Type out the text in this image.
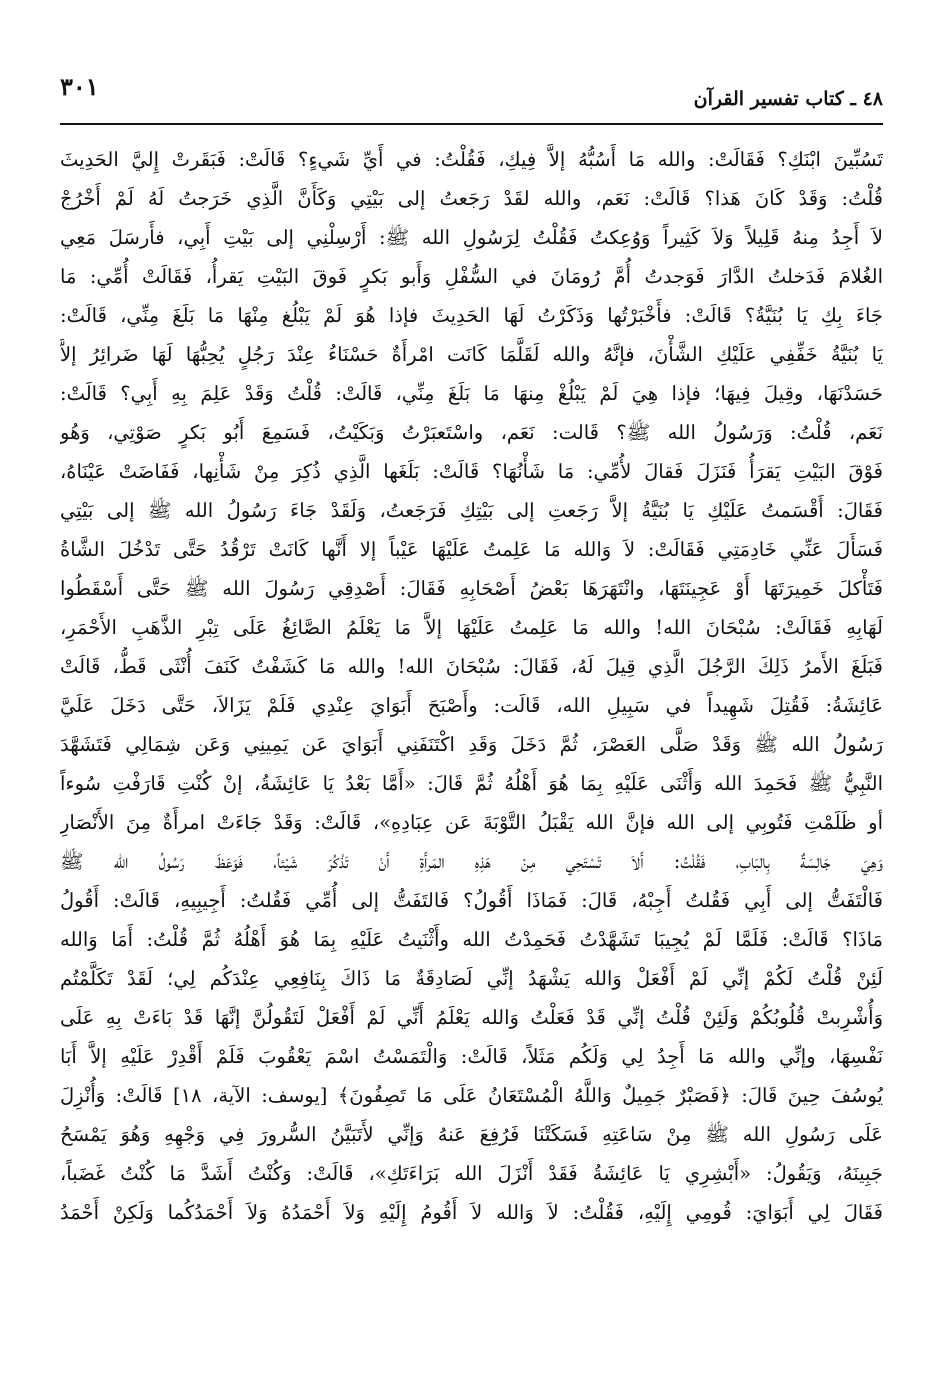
٣٠١	٤٨ ـ كتاب تفسير القرآن
تَسُبِّينَ ابْنَكِ؟ فَقَالَتْ: والله مَا أَسُبُّهُ إلاَّ فِيكِ، فَقُلْتُ: في أَيِّ شَيءٍ؟ قَالَتْ: فَبَقَرتْ إِليَّ الحَدِيثَ
قُلْتُ: وَقَدْ كَانَ هَذا؟ قَالَتْ: نَعَم، والله لقَدْ رَجَعتُ إلى بَيْتِي وَكَأَنَّ الَّذِي خَرَجتُ لَهُ لَمْ أَخْرُجْ
لاَ أَجِدُ مِنهُ قَلِيلاً وَلاَ كَثِيراً وَوُعِكتُ فَقُلْتُ لِرَسُولِ الله ﷺ: أَرْسِلْنِي إلى بَيْتِ أَبِي، فأَرسَلَ مَعِي
الغُلامَ فَدَخلتُ الدَّارَ فَوَجدتُ أُمَّ رُومَانَ في السُّفْلِ وَأَبو بَكرٍ فَوقَ البَيْتِ يَقرأُ، فَقَالَتْ أُمِّي: مَا
جَاءَ بِكِ يَا بُنَيَّةُ؟ قَالَتْ: فأَخْبَرْتُها وَذَكَرْتُ لَهَا الحَدِيثَ فإذا هُوَ لَمْ يَبْلُغ مِنْهَا مَا بَلَغَ مِنِّي، قَالَتْ:
يَا بُنَيَّةُ خَفِّفِي عَلَيْكِ الشَّأْنَ، فإنَّهُ والله لَقَلَّمَا كَانَت امْرأَةٌ حَسْنَاءُ عِنْدَ رَجُلٍ يُحِبُّهَا لَهَا ضَرائِرُ إلاَّ
حَسَدْنَهَا، وقِيلَ فِيهَا؛ فإذا هِيَ لَمْ يَبْلُغْ مِنهَا مَا بَلَغَ مِنِّي، قَالَتْ: قُلْتُ وَقَدْ عَلِمَ بِهِ أَبِي؟ قَالَتْ:
نَعَم، قُلْتُ: وَرَسُولُ الله ﷺ؟ قَالت: نَعَم، واسْتَعبَرْتُ وَبَكَيْتُ، فَسَمِعَ أَبُو بَكرٍ صَوْتِي، وَهُو
فَوْقَ البَيْتِ يَقرَأُ فَنَزَلَ فَقالَ لأُمِّي: مَا شَأْنُهَا؟ قَالَتْ: بَلَغَها الَّذِي ذُكِرَ مِنْ شَأْنِها، فَفَاضَتْ عَيْنَاهُ،
فَقَالَ: أَقْسَمتُ عَلَيْكِ يَا بُنَيَّةُ إلاَّ رَجَعتِ إلى بَيْتِكِ فَرَجَعتُ، وَلَقَدْ جَاءَ رَسُولُ الله ﷺ إلى بَيْتِي
فَسَأَلَ عَنِّي خَادِمَتِي فَقَالَتْ: لاَ وَالله مَا عَلِمتُ عَلَيْهَا عَيْباً إلا أَنَّها كَانَتْ تَرْقُدُ حَتَّى تَدْخُلَ الشَّاةُ
فَتَأْكلَ خَمِيرَتَهَا أَوْ عَجِينَتَهَا، وانْتَهَرَهَا بَعْضُ أَصْحَابِهِ فَقَالَ: أَصْدِقِي رَسُولَ الله ﷺ حَتَّى أَسْقَطُوا
لَهَابِهِ فَقَالَتْ: سُبْحَانَ الله! والله مَا عَلِمتُ عَلَيْهَا إلاَّ مَا يَعْلَمُ الصَّائِغُ عَلَى تِبْرِ الذَّهَبِ الأَحْمَرِ،
فَبَلَغَ الأَمرُ ذَلِكَ الرَّجُلَ الَّذِي قِيلَ لَهُ، فَقَالَ: سُبْحَانَ الله! والله مَا كَشَفْتُ كَنَفَ أُنْثَى قَطُّ، قَالَتْ
عَائِشَةُ: فَقُتِلَ شَهِيداً في سَبِيلِ الله، قَالَت: وأَصْبَحَ أَبَوَايَ عِنْدِي فَلَمْ يَزَالاَ، حَتَّى دَخَلَ عَلَيَّ
رَسُولُ الله ﷺ وَقَدْ صَلَّى العَصْرَ، ثُمَّ دَخَلَ وَقَدِ اكْتَنَفَنِي أَبَوَايَ عَن يَمِينِي وَعَن شِمَالِي فَتَشَهَّدَ
النَّبِيُّ ﷺ فَحَمِدَ الله وَأَثْنَى عَلَيْهِ بِمَا هُوَ أَهْلُهُ ثُمَّ قَالَ: «أَمَّا بَعْدُ يَا عَائِشَةُ، إنْ كُنْتِ قَارَفْتِ سُوءاً
أو ظَلَمْتِ فَتُوبِي إلى الله فإنَّ الله يَقْبَلُ التَّوْبَةَ عَن عِبَادِهِ»، قَالَتْ: وَقَدْ جَاءَتْ امرأَةٌ مِنَ الأَنْصَارِ
وَهِيَ جَالِسَةٌ بِالبَابِ، فَقُلْتُ: أَلاَ تَسْتَحِي مِنْ هَذِهِ المَرأَةِ أَنْ تَذْكُرَ شَيْئاً، فَوَعَظَ رَسُولُ الله ﷺ
فَالْتَفَتُّ إلى أَبِي فَقُلتُ أَجِبْهُ، قَالَ: فَمَاذَا أَقُولُ؟ فَالتَفَتُّ إلى أُمِّي فَقُلتُ: أَجِيبِيهِ، قَالَتْ: أَقُولُ
مَاذَا؟ قَالَتْ: فَلَمَّا لَمْ يُجِيبَا تَشَهَّدْتُ فَحَمِدْتُ الله وأَثْنَيتُ عَلَيْهِ بِمَا هُوَ أَهْلُهُ ثُمَّ قُلْتُ: أَمَا وَالله
لَئِنْ قُلْتُ لَكُمْ إنِّي لَمْ أَفْعَلْ وَالله يَشْهَدُ إنِّي لَصَادِقَةٌ مَا ذَاكَ بِنَافِعِي عِنْدَكُم لِي؛ لَقَدْ تَكَلَّمْتُم
وَأُشْرِبتْ قُلُوبُكُمْ وَلَئِنْ قُلْتُ إنِّي قَدْ فَعَلْتُ وَالله يَعْلَمُ أَنِّي لَمْ أَفْعَلْ لَتَقُولُنَّ إنَّهَا قَدْ بَاءَتْ بِهِ عَلَى
نَفْسِهَا، وإنِّي والله مَا أَجِدُ لِي وَلَكُم مَثَلاً، قَالَتْ: وَالْتَمَسْتُ اسْمَ يَعْقُوبَ فَلَمْ أَقْدِرْ عَلَيْهِ إلاَّ أَبَا
يُوسُفَ حِينَ قَالَ: ﴿فَصَبْرٌ جَمِيلٌ وَاللَّهُ الْمُسْتَعَانُ عَلَى مَا تَصِفُونَ﴾ [يوسف: الآية، ١٨] قَالَتْ: وَأُنْزِلَ
عَلَى رَسُولِ الله ﷺ مِنْ سَاعَتِهِ فَسَكَتْنَا فَرُفِعَ عَنهُ وَإنِّي لأَتَبَيَّنُ السُّرورَ فِي وَجْهِهِ وَهُوَ يَمْسَحُ
جَبِينَهُ، وَيَقُولُ: «أَبْشِرِي يَا عَائِشَةُ فَقَدْ أَنْزَلَ الله بَرَاءَتَكِ»، قَالَتْ: وَكُنْتُ أَشَدَّ مَا كُنْتُ غَضَباً،
فَقَالَ لِي أَبَوَايَ: قُومِي إِلَيْهِ، فَقُلْتُ: لاَ وَالله لاَ أَقُومُ إِلَيْهِ وَلاَ أَحْمَدُهُ وَلاَ أَحْمَدُكُما وَلَكِنْ أَحْمَدُ
